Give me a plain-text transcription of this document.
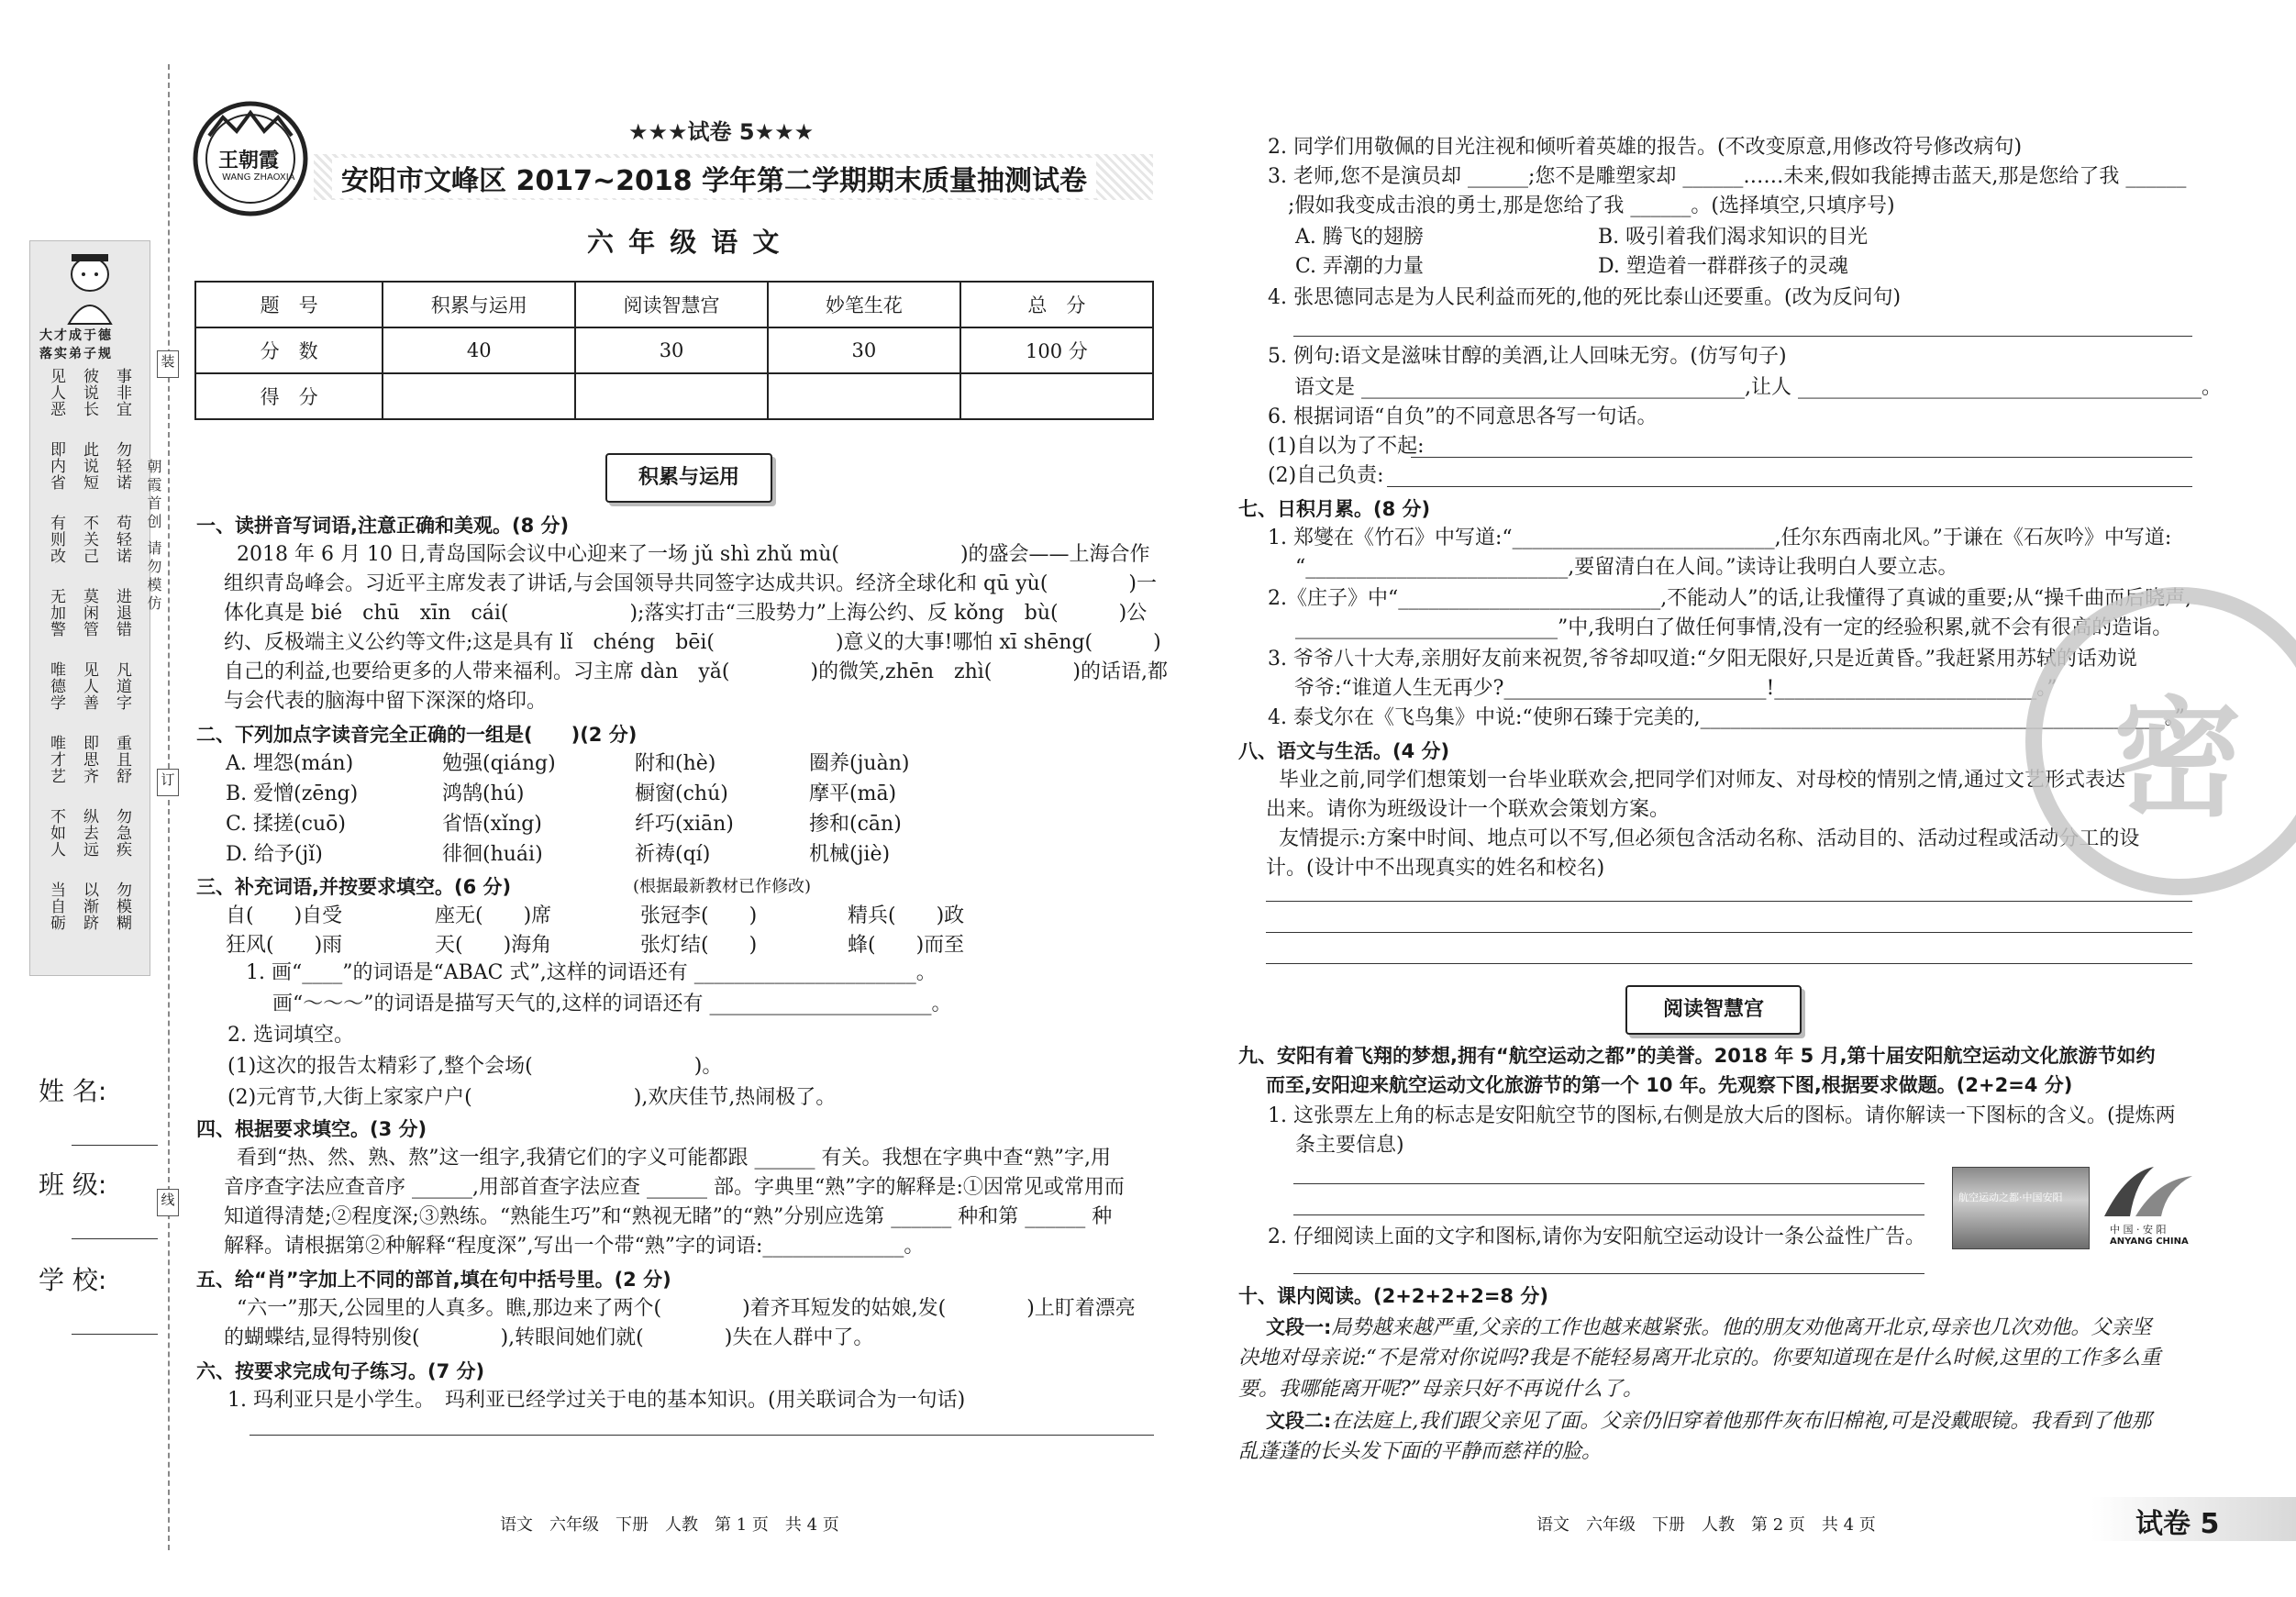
大才成于德
落实弟子规
见人恶 彼说长 事非宜
即内省 此说短 勿轻诺
有则改 不关己 苟轻诺
无加警 莫闲管 进退错
唯德学 见人善 凡道字
唯才艺 即思齐 重且舒
不如人 纵去远 勿急疾
当自砺 以渐跻 勿模糊
朝霞首创 请勿模仿
装
订
线
姓 名:
班 级:
学 校:
王朝霞
WANG ZHAOXIA
★★★试卷 5★★★
安阳市文峰区 2017~2018 学年第二学期期末质量抽测试卷
六 年 级 语 文
题　号	积累与运用	阅读智慧宫	妙笔生花	总　分
分　数	40	30	30	100 分
得　分				
积累与运用
一、读拼音写词语,注意正确和美观。(8 分)
　　2018 年 6 月 10 日,青岛国际会议中心迎来了一场 jǔ shì zhǔ mù(　　　　　　)的盛会——上海合作
组织青岛峰会。习近平主席发表了讲话,与会国领导共同签字达成共识。经济全球化和 qū yù(　　　　)一
体化真是 bié　chū　xīn　cái(　　　　　　);落实打击“三股势力”上海公约、反 kǒng　bù(　　　)公
约、反极端主义公约等文件;这是具有 lǐ　chéng　bēi(　　　　　　)意义的大事!哪怕 xī shēng(　　　)
自己的利益,也要给更多的人带来福利。习主席 dàn　yǎ(　　　　)的微笑,zhēn　zhì(　　　　)的话语,都
与会代表的脑海中留下深深的烙印。
二、下列加点字读音完全正确的一组是(　　)(2 分)
A. 埋怨(mán)	勉强(qiáng)	附和(hè)	圈养(juàn)
B. 爱憎(zēng)	鸿鹄(hú)	橱窗(chú)	摩平(mā)
C. 揉搓(cuō)	省悟(xǐng)	纤巧(xiān)	掺和(cān)
D. 给予(jǐ)	徘徊(huái)	祈祷(qí)	机械(jiè)
三、补充词语,并按要求填空。(6 分)	(根据最新教材已作修改)
自(　　)自受	座无(　　)席	张冠李(　　)	精兵(　　)政
狂风(　　)雨	天(　　)海角	张灯结(　　)	蜂(　　)而至
1. 画“____”的词语是“ABAC 式”,这样的词语还有 ______________________。
　 画“～～～”的词语是描写天气的,这样的词语还有 ______________________。
2. 选词填空。
(1)这次的报告太精彩了,整个会场(　　　　　　　　)。
(2)元宵节,大街上家家户户(　　　　　　　　),欢庆佳节,热闹极了。
四、根据要求填空。(3 分)
　　看到“热、然、熟、熬”这一组字,我猜它们的字义可能都跟 ______ 有关。我想在字典中查“熟”字,用
音序查字法应查音序 ______,用部首查字法应查 ______ 部。字典里“熟”字的解释是:①因常见或常用而
知道得清楚;②程度深;③熟练。“熟能生巧”和“熟视无睹”的“熟”分别应选第 ______ 种和第 ______ 种
解释。请根据第②种解释“程度深”,写出一个带“熟”字的词语:______________。
五、给“肖”字加上不同的部首,填在句中括号里。(2 分)
　　“六一”那天,公园里的人真多。瞧,那边来了两个(　　　　)着齐耳短发的姑娘,发(　　　　)上盯着漂亮
的蝴蝶结,显得特别俊(　　　　),转眼间她们就(　　　　)失在人群中了。
六、按要求完成句子练习。(7 分)
1. 玛利亚只是小学生。　玛利亚已经学过关于电的基本知识。(用关联词合为一句话)
语文　六年级　下册　人教　第 1 页　共 4 页
2. 同学们用敬佩的目光注视和倾听着英雄的报告。(不改变原意,用修改符号修改病句)
3. 老师,您不是演员却 ______;您不是雕塑家却 ______……未来,假如我能搏击蓝天,那是您给了我 ______
　;假如我变成击浪的勇士,那是您给了我 ______。(选择填空,只填序号)
A. 腾飞的翅膀	B. 吸引着我们渴求知识的目光
C. 弄潮的力量	D. 塑造着一群群孩子的灵魂
4. 张思德同志是为人民利益而死的,他的死比泰山还要重。(改为反问句)
5. 例句:语文是滋味甘醇的美酒,让人回味无穷。(仿写句子)
　 语文是 ______________________________________,让人 ________________________________________。
6. 根据词语“自负”的不同意思各写一句话。
(1)自以为了不起:
(2)自己负责:
七、日积月累。(8 分)
1. 郑燮在《竹石》中写道:“__________________________,任尔东西南北风。”于谦在《石灰吟》中写道:
“__________________________,要留清白在人间。”读诗让我明白人要立志。
2.《庄子》中“__________________________,不能动人”的话,让我懂得了真诚的重要;从“操千曲而后晓声,
__________________________”中,我明白了做任何事情,没有一定的经验积累,就不会有很高的造诣。
3. 爷爷八十大寿,亲朋好友前来祝贺,爷爷却叹道:“夕阳无限好,只是近黄昏。”我赶紧用苏轼的话劝说
　 爷爷:“谁道人生无再少?__________________________!__________________________。”
4. 泰戈尔在《飞鸟集》中说:“使卵石臻于完美的,______________________________________________。”
八、语文与生活。(4 分)
　　毕业之前,同学们想策划一台毕业联欢会,把同学们对师友、对母校的情别之情,通过文艺形式表达
出来。请你为班级设计一个联欢会策划方案。
　　友情提示:方案中时间、地点可以不写,但必须包含活动名称、活动目的、活动过程或活动分工的设
计。(设计中不出现真实的姓名和校名)
阅读智慧宫
九、安阳有着飞翔的梦想,拥有“航空运动之都”的美誉。2018 年 5 月,第十届安阳航空运动文化旅游节如约
而至,安阳迎来航空运动文化旅游节的第一个 10 年。先观察下图,根据要求做题。(2+2=4 分)
1. 这张票左上角的标志是安阳航空节的图标,右侧是放大后的图标。请你解读一下图标的含义。(提炼两
条主要信息)
2. 仔细阅读上面的文字和图标,请你为安阳航空运动设计一条公益性广告。
航空运动之都·中国安阳
中 国 · 安 阳
ANYANG CHINA
十、课内阅读。(2+2+2+2=8 分)
文段一:局势越来越严重,父亲的工作也越来越紧张。他的朋友劝他离开北京,母亲也几次劝他。父亲坚
决地对母亲说:“不是常对你说吗?我是不能轻易离开北京的。你要知道现在是什么时候,这里的工作多么重
要。我哪能离开呢?”母亲只好不再说什么了。
文段二:在法庭上,我们跟父亲见了面。父亲仍旧穿着他那件灰布旧棉袍,可是没戴眼镜。我看到了他那
乱蓬蓬的长头发下面的平静而慈祥的脸。
语文　六年级　下册　人教　第 2 页　共 4 页	试卷 5
密
